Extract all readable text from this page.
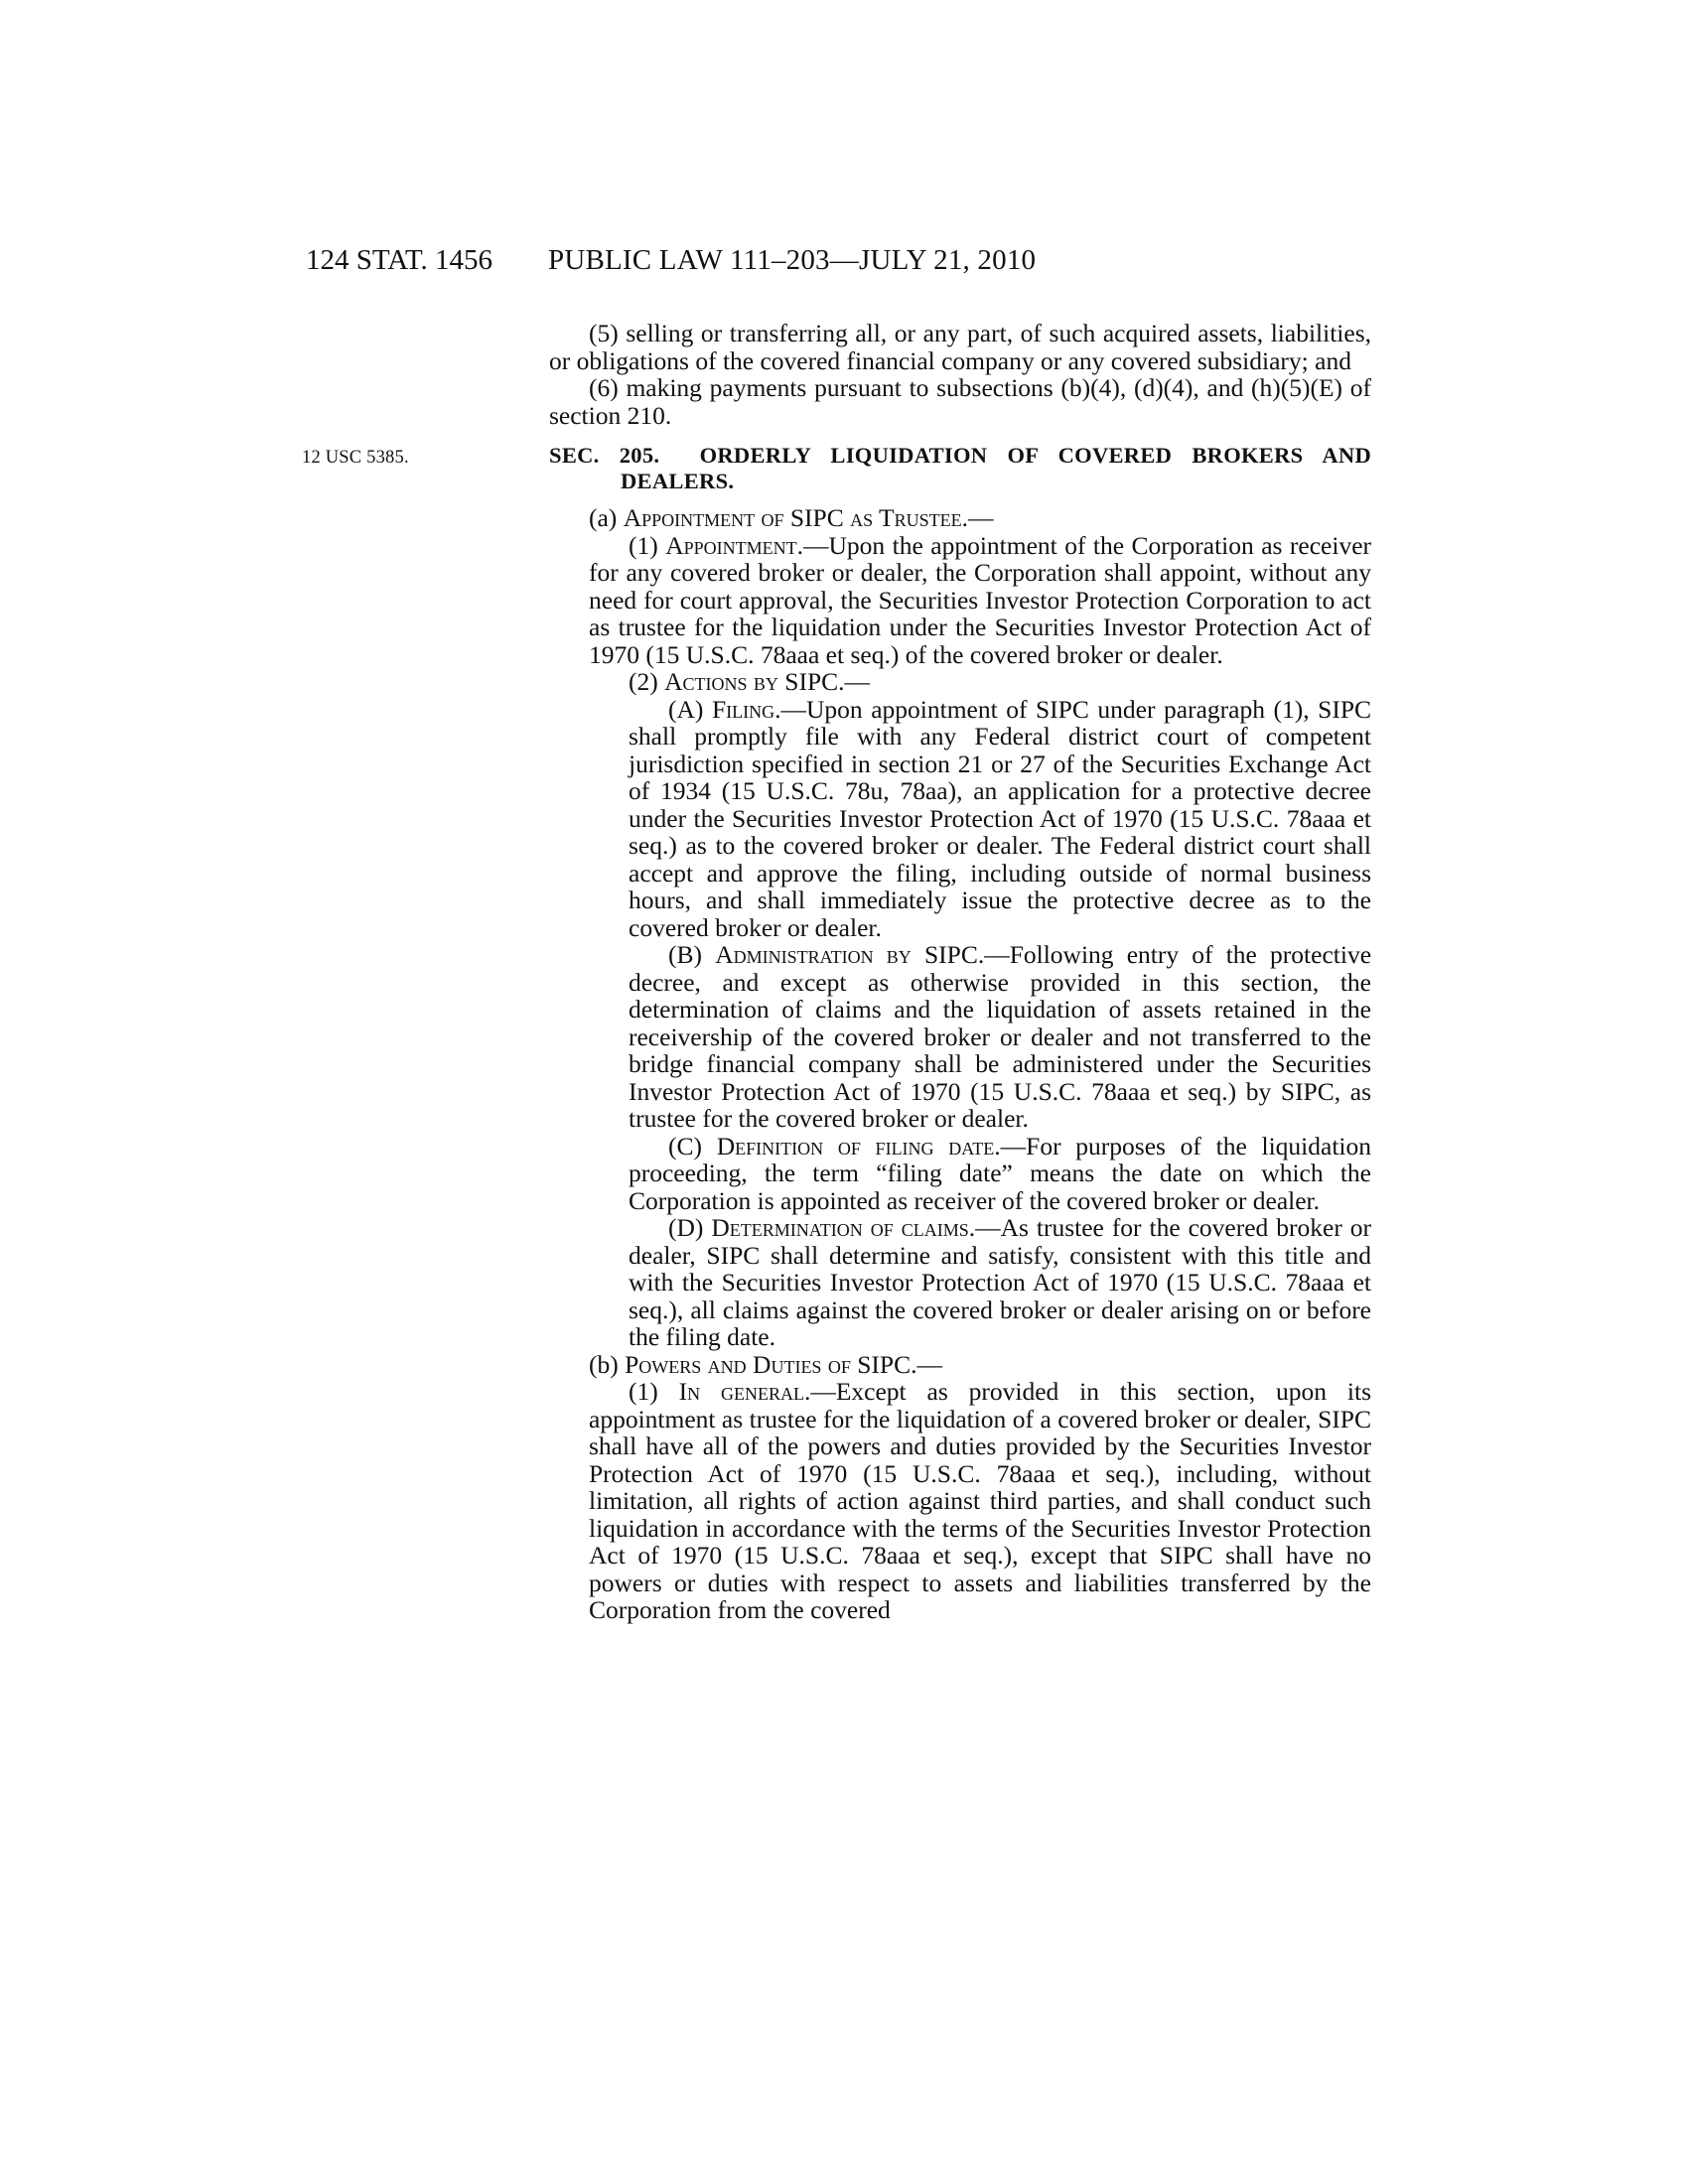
124 STAT. 1456 PUBLIC LAW 111–203—JULY 21, 2010

(5) selling or transferring all, or any part, of such acquired assets, liabilities, or obligations of the covered financial company or any covered subsidiary; and

(6) making payments pursuant to subsections (b)(4), (d)(4), and (h)(5)(E) of section 210.

12 USC 5385.	SEC. 205. ORDERLY LIQUIDATION OF COVERED BROKERS AND DEALERS.

(a) Appointment of SIPC as Trustee.—

(1) Appointment.—Upon the appointment of the Corporation as receiver for any covered broker or dealer, the Corporation shall appoint, without any need for court approval, the Securities Investor Protection Corporation to act as trustee for the liquidation under the Securities Investor Protection Act of 1970 (15 U.S.C. 78aaa et seq.) of the covered broker or dealer.

(2) Actions by SIPC.—

(A) Filing.—Upon appointment of SIPC under paragraph (1), SIPC shall promptly file with any Federal district court of competent jurisdiction specified in section 21 or 27 of the Securities Exchange Act of 1934 (15 U.S.C. 78u, 78aa), an application for a protective decree under the Securities Investor Protection Act of 1970 (15 U.S.C. 78aaa et seq.) as to the covered broker or dealer. The Federal district court shall accept and approve the filing, including outside of normal business hours, and shall immediately issue the protective decree as to the covered broker or dealer.

(B) Administration by SIPC.—Following entry of the protective decree, and except as otherwise provided in this section, the determination of claims and the liquidation of assets retained in the receivership of the covered broker or dealer and not transferred to the bridge financial company shall be administered under the Securities Investor Protection Act of 1970 (15 U.S.C. 78aaa et seq.) by SIPC, as trustee for the covered broker or dealer.

(C) Definition of filing date.—For purposes of the liquidation proceeding, the term “filing date” means the date on which the Corporation is appointed as receiver of the covered broker or dealer.

(D) Determination of claims.—As trustee for the covered broker or dealer, SIPC shall determine and satisfy, consistent with this title and with the Securities Investor Protection Act of 1970 (15 U.S.C. 78aaa et seq.), all claims against the covered broker or dealer arising on or before the filing date.

(b) Powers and Duties of SIPC.—

(1) In general.—Except as provided in this section, upon its appointment as trustee for the liquidation of a covered broker or dealer, SIPC shall have all of the powers and duties provided by the Securities Investor Protection Act of 1970 (15 U.S.C. 78aaa et seq.), including, without limitation, all rights of action against third parties, and shall conduct such liquidation in accordance with the terms of the Securities Investor Protection Act of 1970 (15 U.S.C. 78aaa et seq.), except that SIPC shall have no powers or duties with respect to assets and liabilities transferred by the Corporation from the covered
